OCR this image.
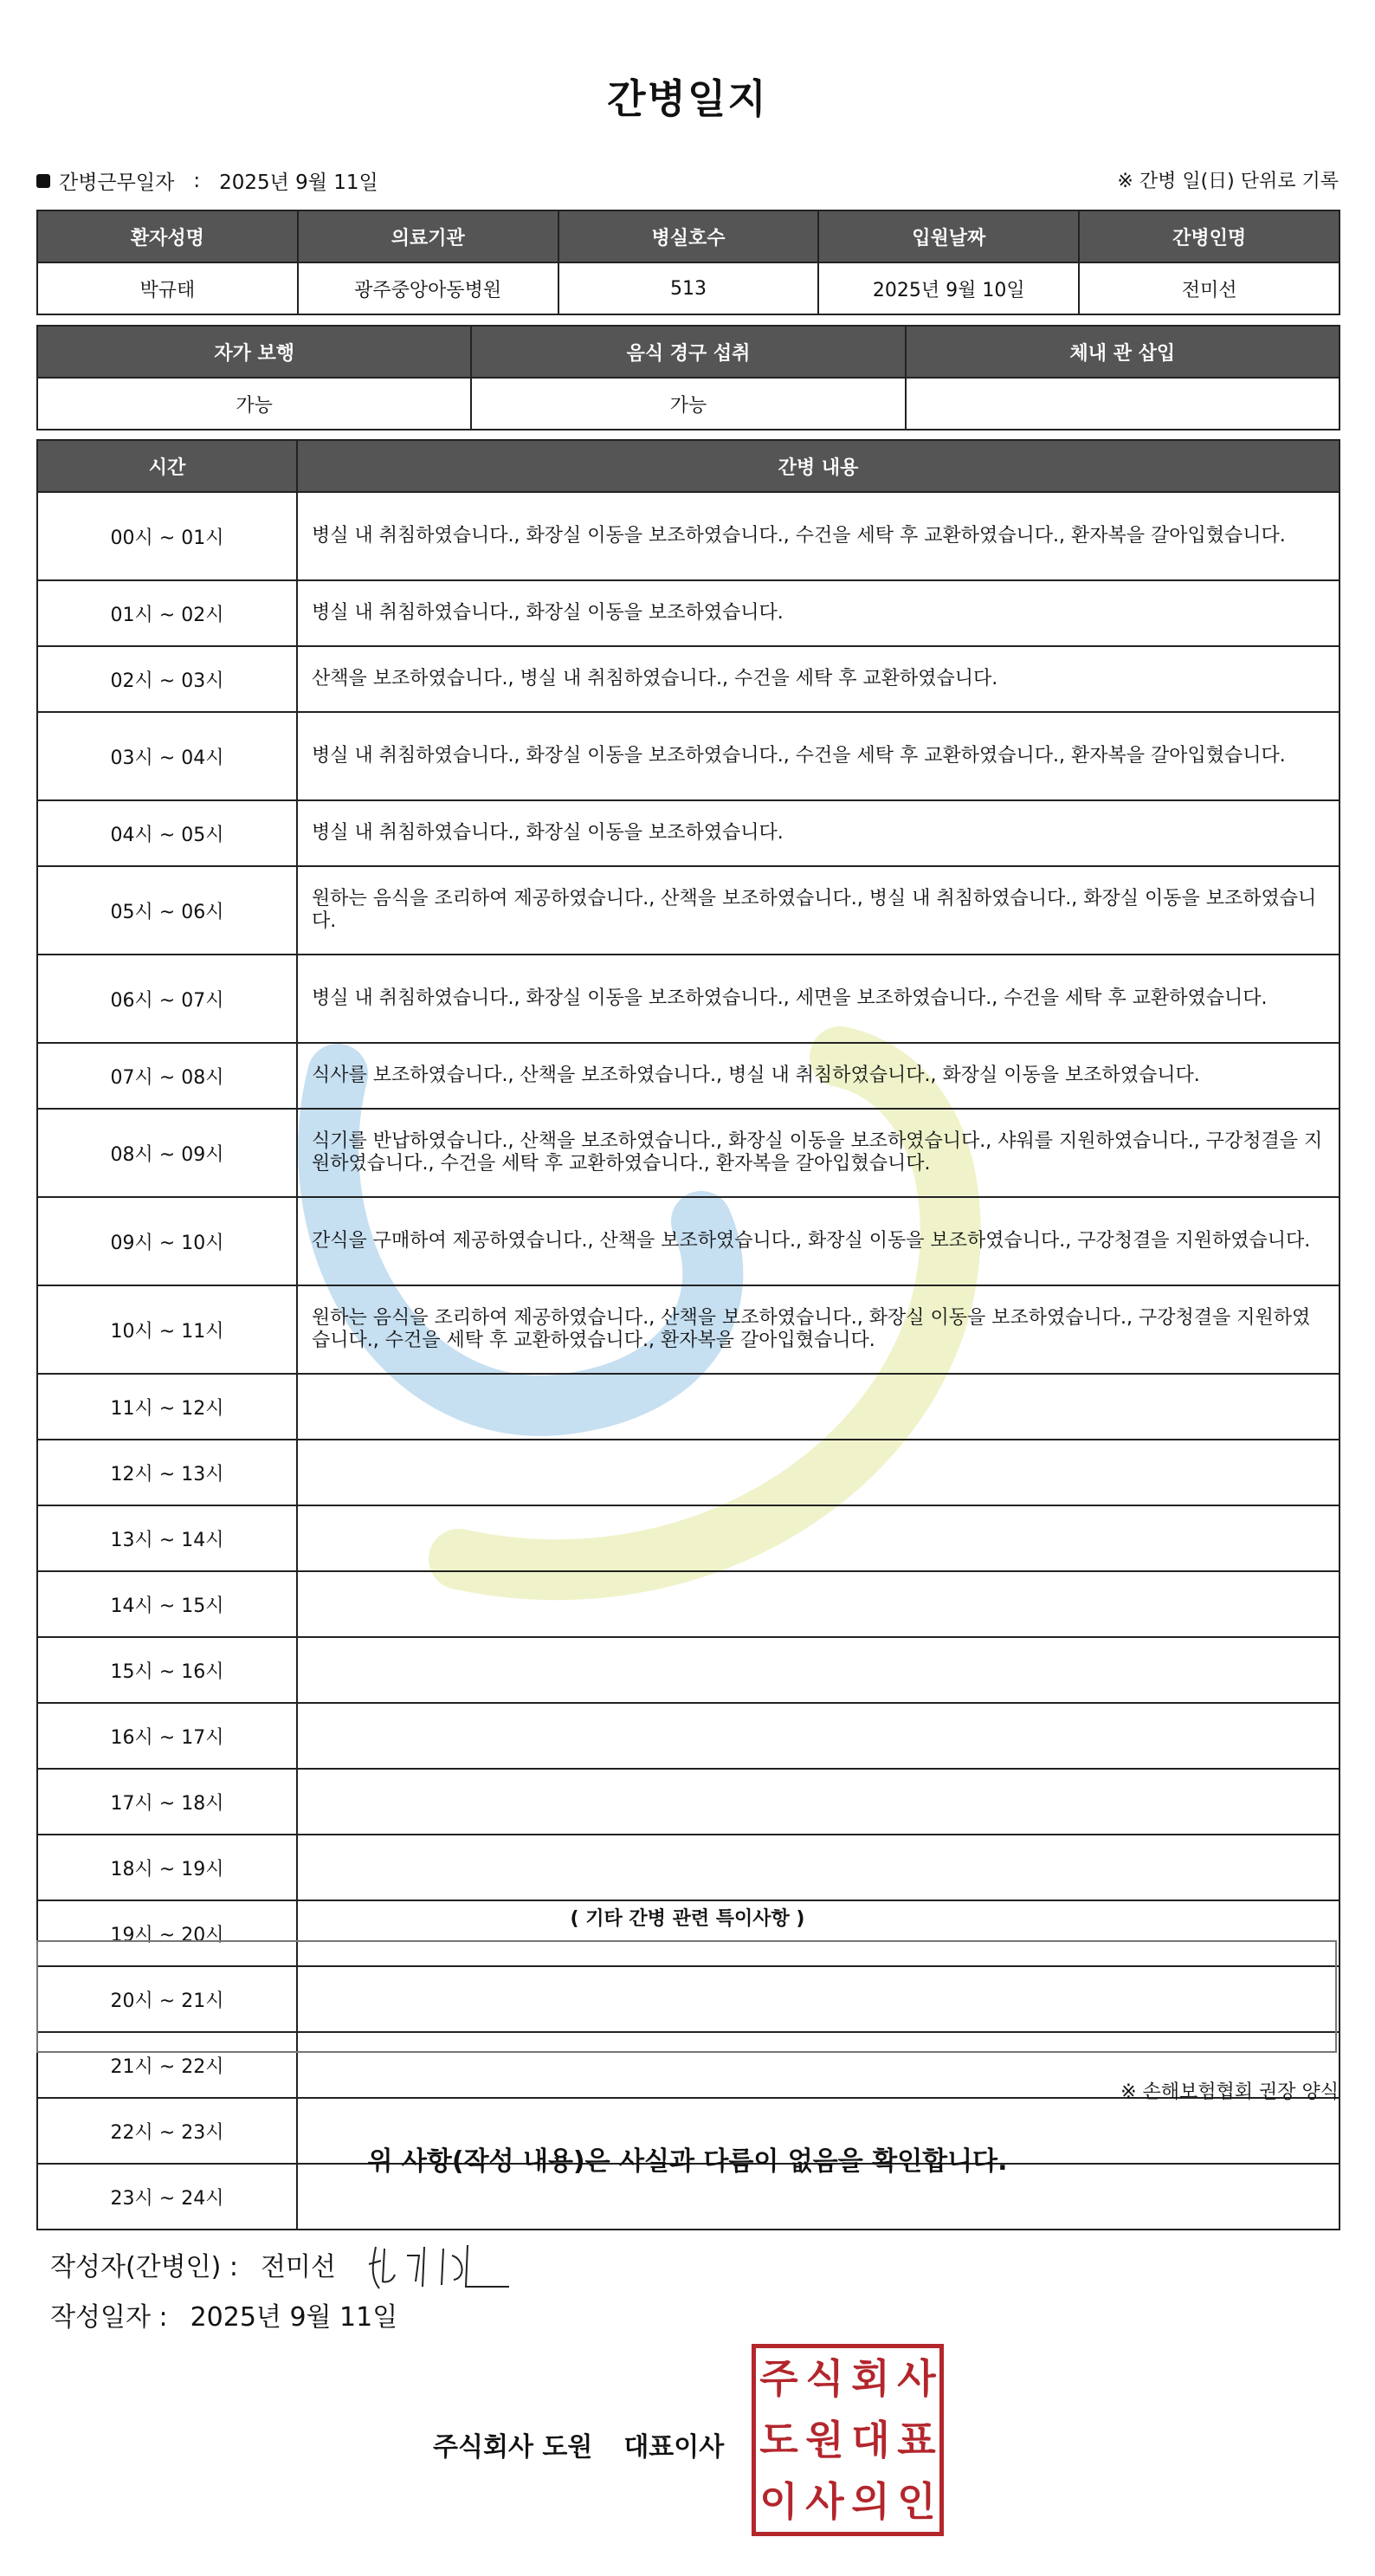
간병일지
간병근무일자 : 2025년 9월 11일	※ 간병 일(日) 단위로 기록
환자성명	의료기관	병실호수	입원날짜	간병인명
박규태	광주중앙아동병원	513	2025년 9월 10일	전미선
자가 보행	음식 경구 섭취	체내 관 삽입
가능	가능	
시간	간병 내용
00시 ~ 01시	병실 내 취침하였습니다., 화장실 이동을 보조하였습니다., 수건을 세탁 후 교환하였습니다., 환자복을 갈아입혔습니다.
01시 ~ 02시	병실 내 취침하였습니다., 화장실 이동을 보조하였습니다.
02시 ~ 03시	산책을 보조하였습니다., 병실 내 취침하였습니다., 수건을 세탁 후 교환하였습니다.
03시 ~ 04시	병실 내 취침하였습니다., 화장실 이동을 보조하였습니다., 수건을 세탁 후 교환하였습니다., 환자복을 갈아입혔습니다.
04시 ~ 05시	병실 내 취침하였습니다., 화장실 이동을 보조하였습니다.
05시 ~ 06시	원하는 음식을 조리하여 제공하였습니다., 산책을 보조하였습니다., 병실 내 취침하였습니다., 화장실 이동을 보조하였습니다.
06시 ~ 07시	병실 내 취침하였습니다., 화장실 이동을 보조하였습니다., 세면을 보조하였습니다., 수건을 세탁 후 교환하였습니다.
07시 ~ 08시	식사를 보조하였습니다., 산책을 보조하였습니다., 병실 내 취침하였습니다., 화장실 이동을 보조하였습니다.
08시 ~ 09시	식기를 반납하였습니다., 산책을 보조하였습니다., 화장실 이동을 보조하였습니다., 샤워를 지원하였습니다., 구강청결을 지원하였습니다., 수건을 세탁 후 교환하였습니다., 환자복을 갈아입혔습니다.
09시 ~ 10시	간식을 구매하여 제공하였습니다., 산책을 보조하였습니다., 화장실 이동을 보조하였습니다., 구강청결을 지원하였습니다.
10시 ~ 11시	원하는 음식을 조리하여 제공하였습니다., 산책을 보조하였습니다., 화장실 이동을 보조하였습니다., 구강청결을 지원하였습니다., 수건을 세탁 후 교환하였습니다., 환자복을 갈아입혔습니다.
11시 ~ 12시	
12시 ~ 13시	
13시 ~ 14시	
14시 ~ 15시	
15시 ~ 16시	
16시 ~ 17시	
17시 ~ 18시	
18시 ~ 19시	
19시 ~ 20시	
20시 ~ 21시	
21시 ~ 22시	
22시 ~ 23시	
23시 ~ 24시	
( 기타 간병 관련 특이사항 )
※ 손해보험협회 권장 양식
위 사항(작성 내용)은 사실과 다름이 없음을 확인합니다.
작성자(간병인) : 전미선
작성일자 : 2025년 9월 11일
주식회사 도원 대표이사
주 식 회 사
도 원 대 표
이 사 의 인
